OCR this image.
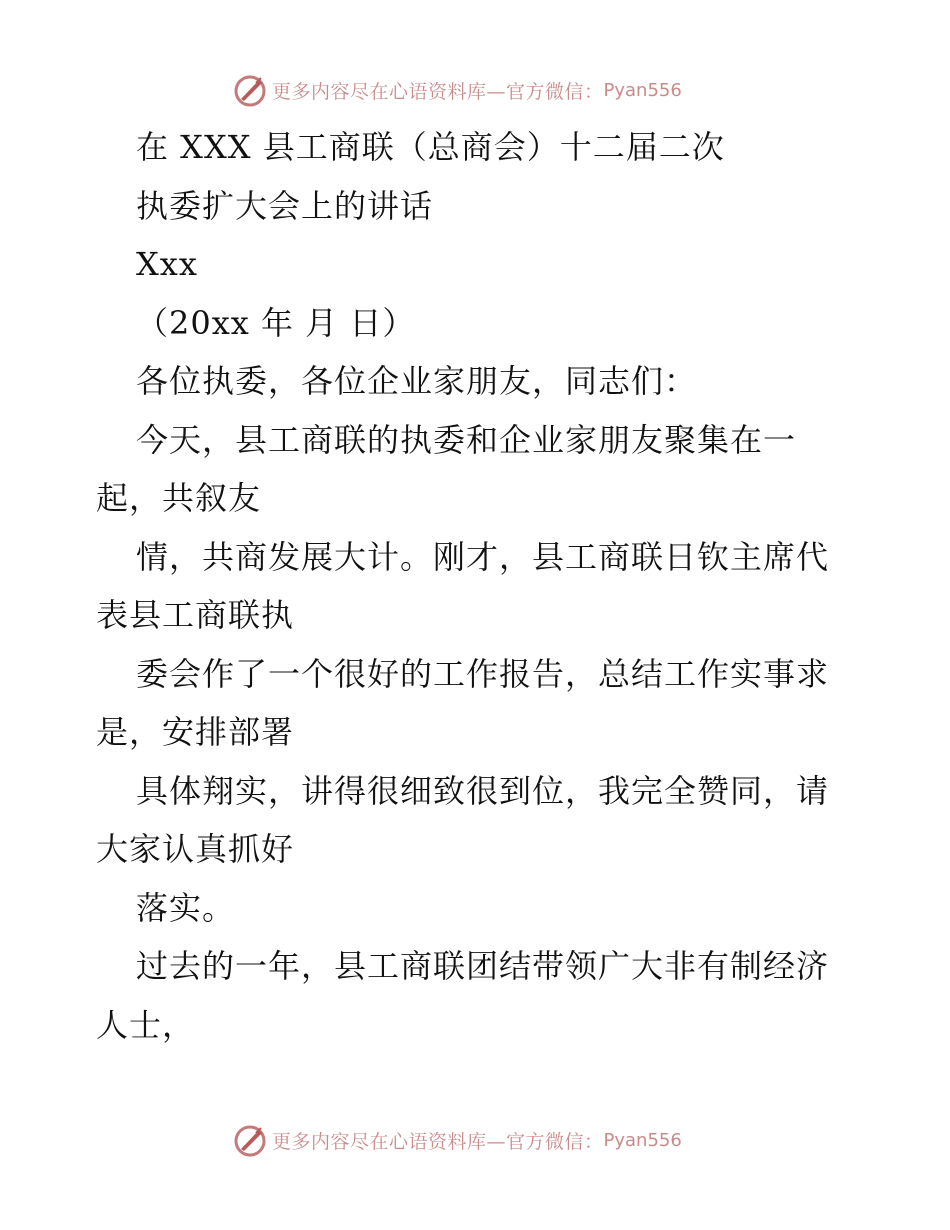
更多内容尽在心语资料库—官方微信： Pyan556
在 XXX 县工商联（总商会）十二届二次
执委扩大会上的讲话
Xxx
（20xx 年 月 日）
各位执委，各位企业家朋友，同志们：
今天，县工商联的执委和企业家朋友聚集在一
起，共叙友
情，共商发展大计。刚才，县工商联日钦主席代
表县工商联执
委会作了一个很好的工作报告，总结工作实事求
是，安排部署
具体翔实，讲得很细致很到位，我完全赞同，请
大家认真抓好
落实。
过去的一年，县工商联团结带领广大非有制经济
人士，
更多内容尽在心语资料库—官方微信： Pyan556
